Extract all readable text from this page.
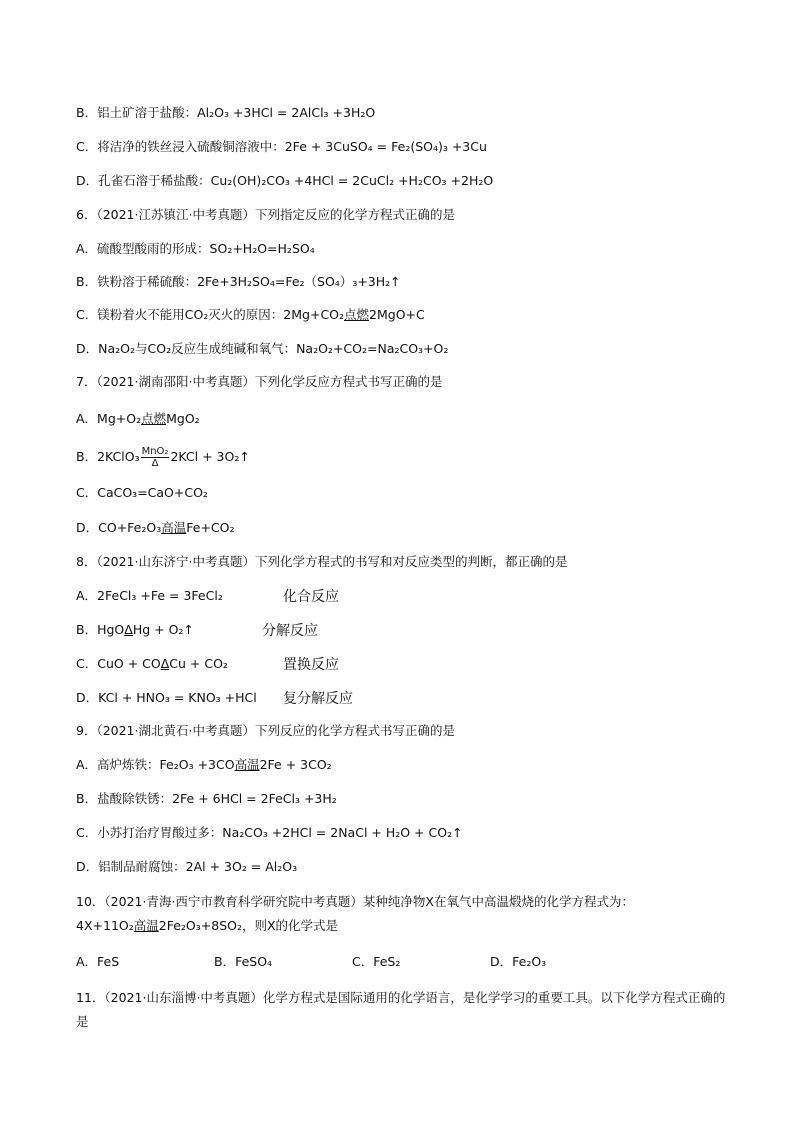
B．铝土矿溶于盐酸：Al₂O₃ +3HCl = 2AlCl₃ +3H₂O
C．将洁净的铁丝浸入硫酸铜溶液中：2Fe + 3CuSO₄ = Fe₂(SO₄)₃ +3Cu
D．孔雀石溶于稀盐酸：Cu₂(OH)₂CO₃ +4HCl = 2CuCl₂ +H₂CO₃ +2H₂O
6．（2021·江苏镇江·中考真题）下列指定反应的化学方程式正确的是
A．硫酸型酸雨的形成：SO₂+H₂O=H₂SO₄
B．铁粉溶于稀硫酸：2Fe+3H₂SO₄=Fe₂（SO₄）₃+3H₂↑
C．镁粉着火不能用CO₂灭火的原因：2Mg+CO₂点燃2MgO+C
D．Na₂O₂与CO₂反应生成纯碱和氧气：Na₂O₂+CO₂=Na₂CO₃+O₂
7．（2021·湖南邵阳·中考真题）下列化学反应方程式书写正确的是
A．Mg+O₂点燃MgO₂
B．2KClO₃ $\frac{\text{MnO₂}}{\Delta} 2KCl$ + 3O₂↑
C．CaCO₃=CaO+CO₂
D．CO+Fe₂O₃高温Fe+CO₂
8．（2021·山东济宁·中考真题）下列化学方程式的书写和对反应类型的判断，都正确的是
A．2FeCl₃ +Fe = 3FeCl₂	化合反应
B．HgOΔHg + O₂↑	分解反应
C．CuO + COΔCu + CO₂	置换反应
D．KCl + HNO₃ = KNO₃ +HCl 复分解反应
9．（2021·湖北黄石·中考真题）下列反应的化学方程式书写正确的是
A．高炉炼铁：Fe₂O₃ +3CO高温2Fe + 3CO₂
B．盐酸除铁锈：2Fe + 6HCl = 2FeCl₃ +3H₂
C．小苏打治疗胃酸过多：Na₂CO₃ +2HCl = 2NaCl + H₂O + CO₂↑
D．铝制品耐腐蚀：2Al + 3O₂ = Al₂O₃
10．（2021·青海·西宁市教育科学研究院中考真题）某种纯净物X在氧气中高温煅烧的化学方程式为：
4X+11O₂高温2Fe₂O₃+8SO₂，则X的化学式是
A．FeS	B．FeSO₄	C．FeS₂	D．Fe₂O₃
11．（2021·山东淄博·中考真题）化学方程式是国际通用的化学语言，是化学学习的重要工具。以下化学方程式正确的是
